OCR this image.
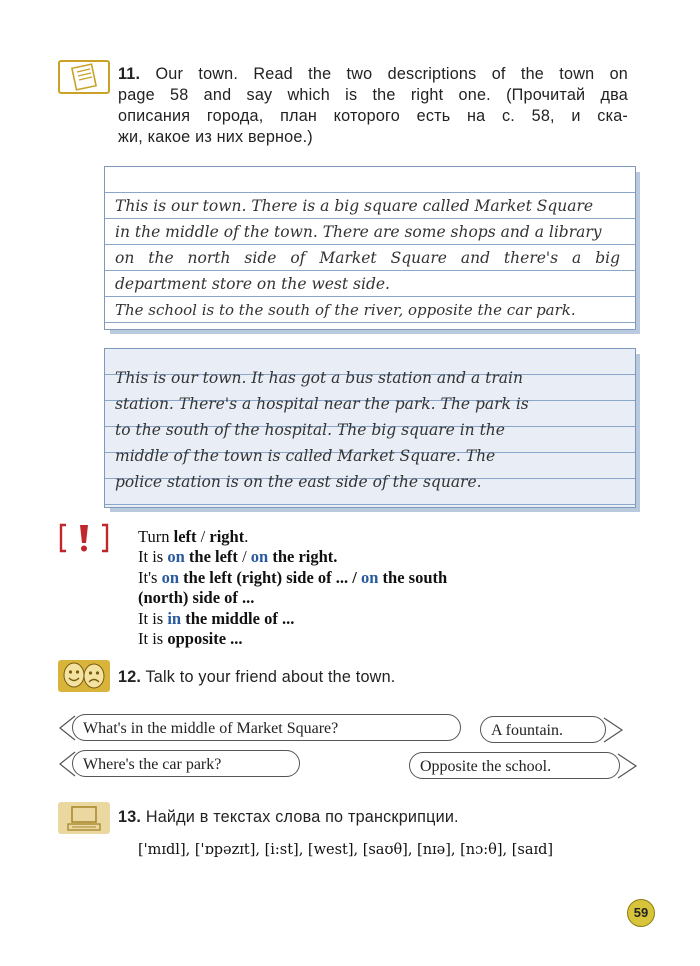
11. Our town. Read the two descriptions of the town on
page 58 and say which is the right one. (Прочитай два
описания города, план которого есть на с. 58, и ска-
жи, какое из них верное.)
This is our town. There is a big square called Market Square
in the middle of the town. There are some shops and a library
on the north side of Market Square and there's a big
department store on the west side.
The school is to the south of the river, opposite the car park.
This is our town. It has got a bus station and a train
station. There's a hospital near the park. The park is
to the south of the hospital. The big square in the
middle of the town is called Market Square. The
police station is on the east side of the square.
Turn left / right.
It is on the left / on the right.
It's on the left (right) side of ... / on the south
(north) side of ...
It is in the middle of ...
It is opposite ...
12. Talk to your friend about the town.
What's in the middle of Market Square?	A fountain.
Where's the car park?	Opposite the school.
13. Найди в текстах слова по транскрипции.
['mɪdl], ['ɒpəzɪt], [i:st], [west], [saʊθ], [nɪə], [nɔ:θ], [saɪd]
59
